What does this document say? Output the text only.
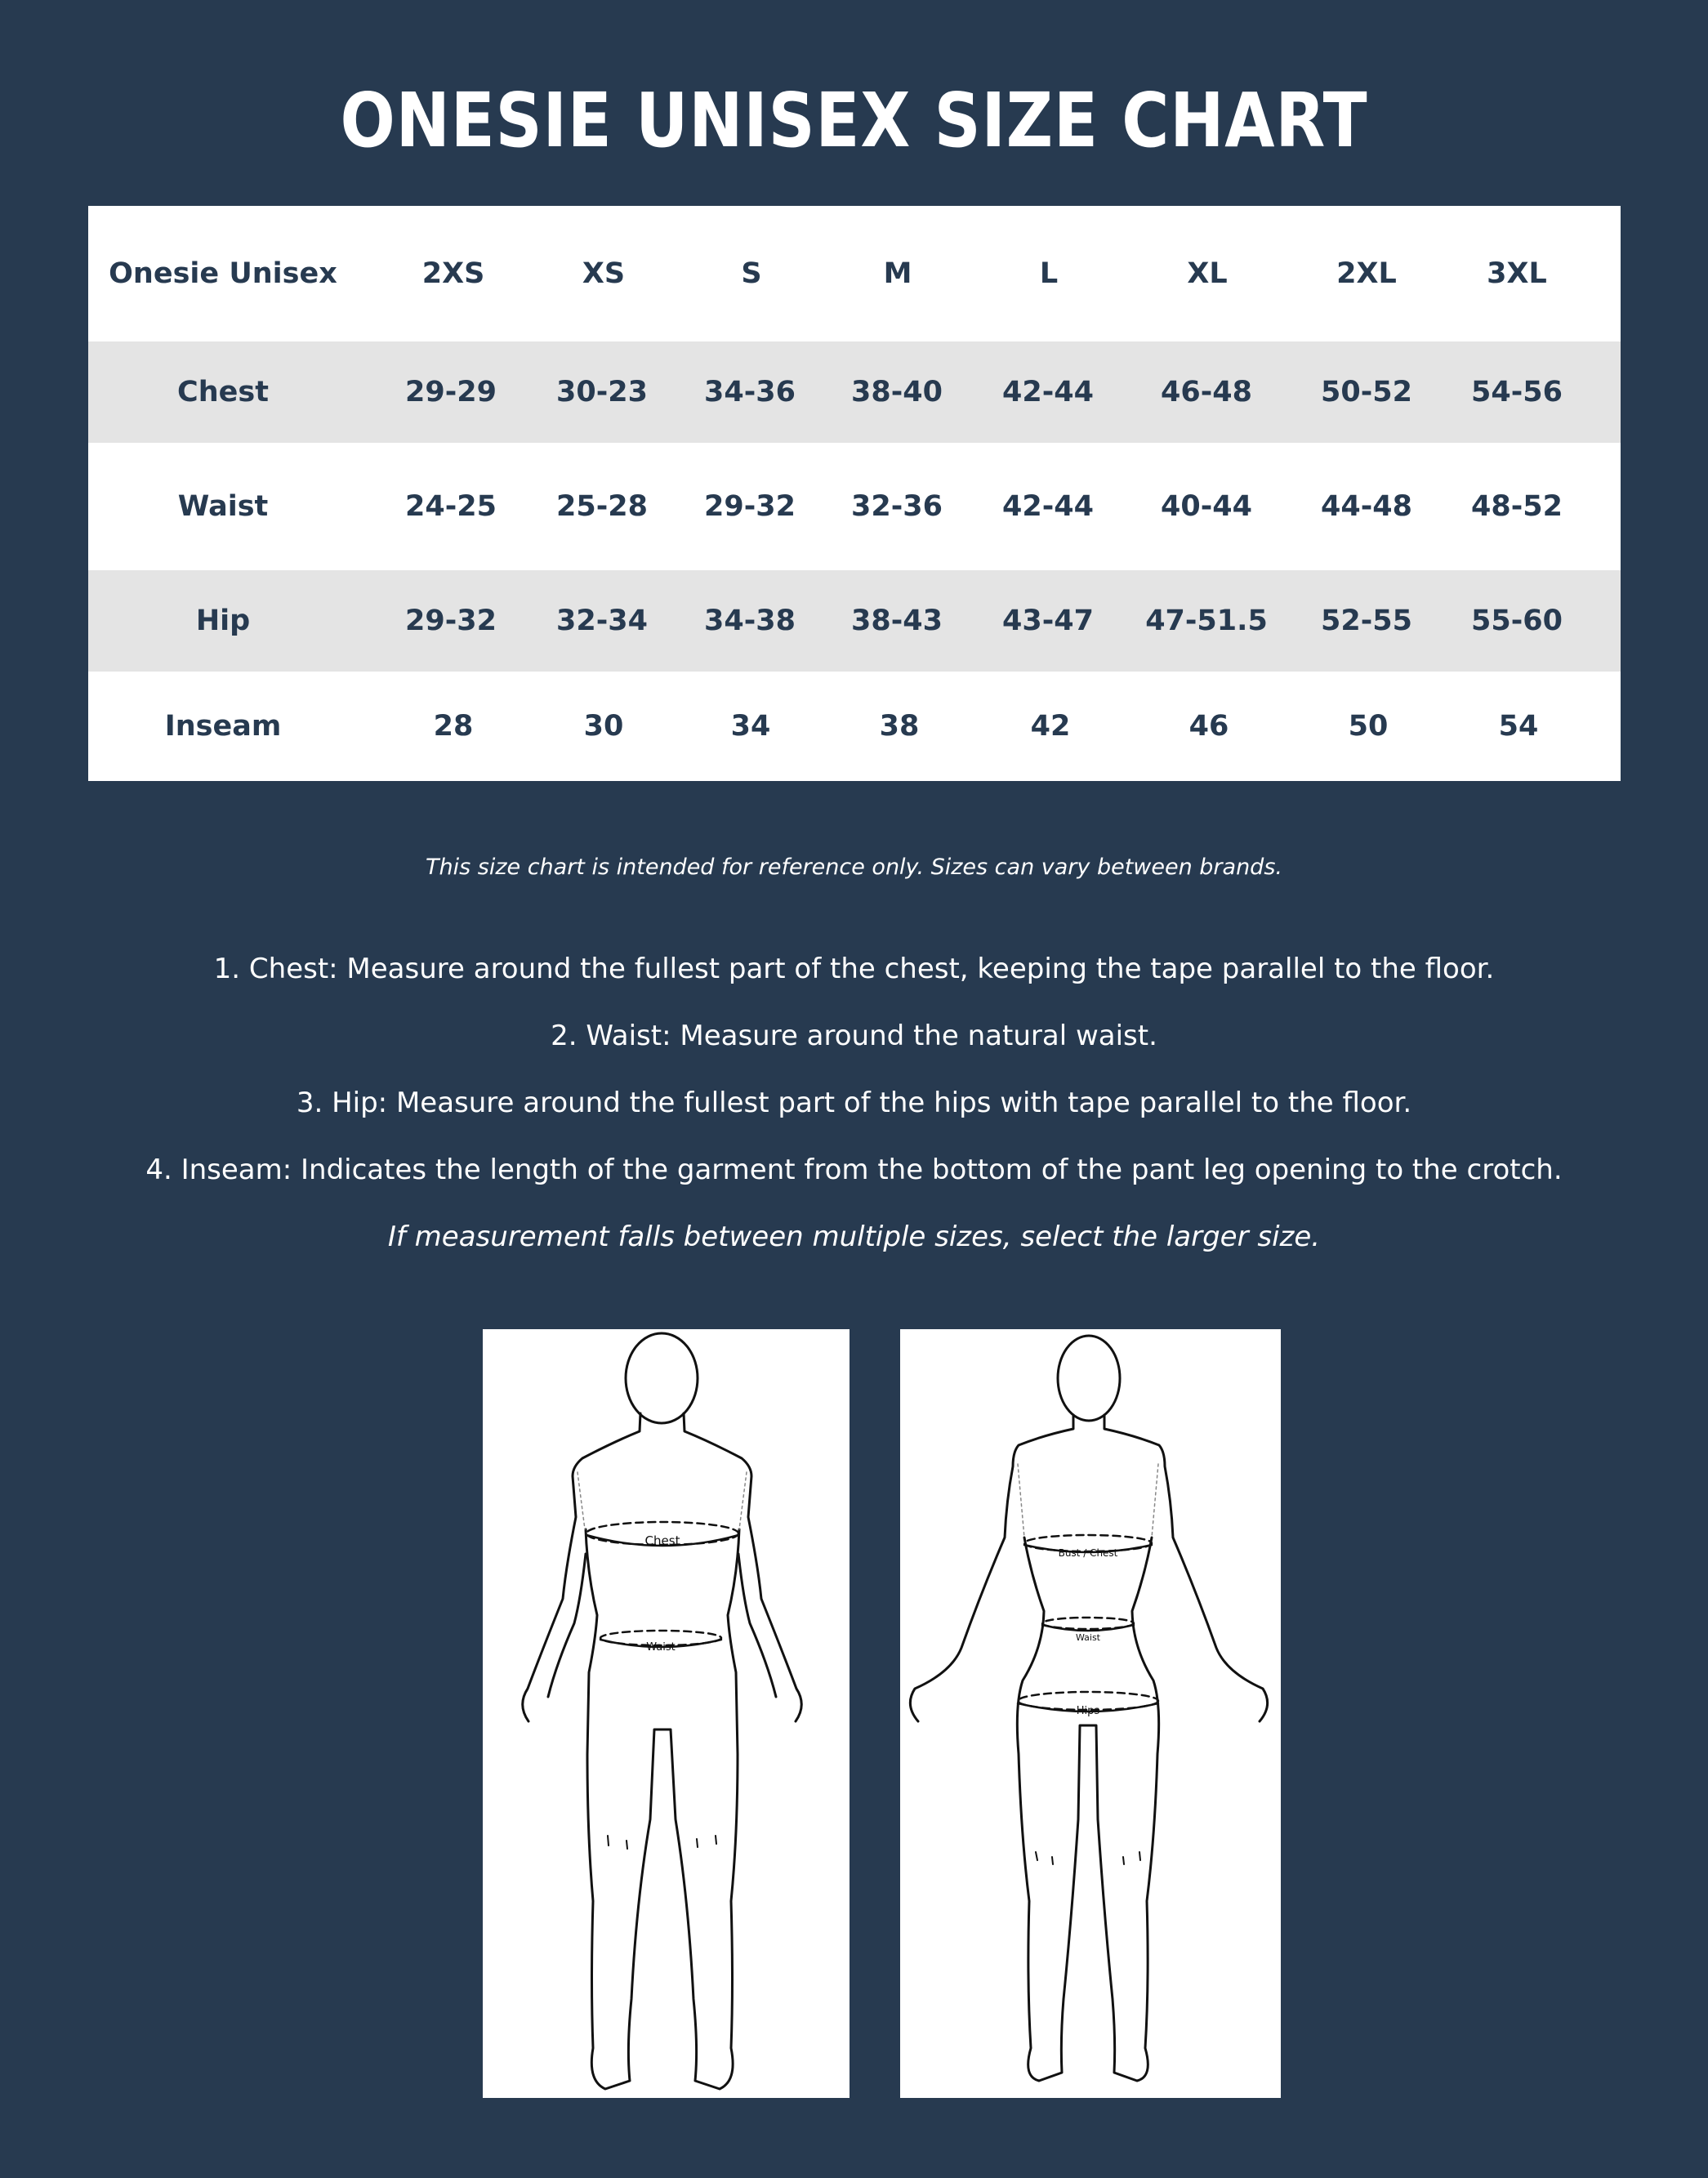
ONESIE UNISEX SIZE CHART
Onesie Unisex	2XS	XS	S	M	L	XL	2XL	3XL
Chest	29-29 30-23 34-36 38-40 42-44 46-48 50-52 54-56
Waist	24-25 25-28 29-32 32-36 42-44 40-44 44-48 48-52
Hip	29-32 32-34 34-38 38-43 43-47 47-51.5 52-55 55-60
Inseam	28	30	34	38	42	46	50	54
This size chart is intended for reference only. Sizes can vary between brands.
1. Chest: Measure around the fullest part of the chest, keeping the tape parallel to the floor.
2. Waist: Measure around the natural waist.
3. Hip: Measure around the fullest part of the hips with tape parallel to the floor.
4. Inseam: Indicates the length of the garment from the bottom of the pant leg opening to the crotch.
If measurement falls between multiple sizes, select the larger size.
Chest
Waist
Bust / Chest
Waist
Hips
